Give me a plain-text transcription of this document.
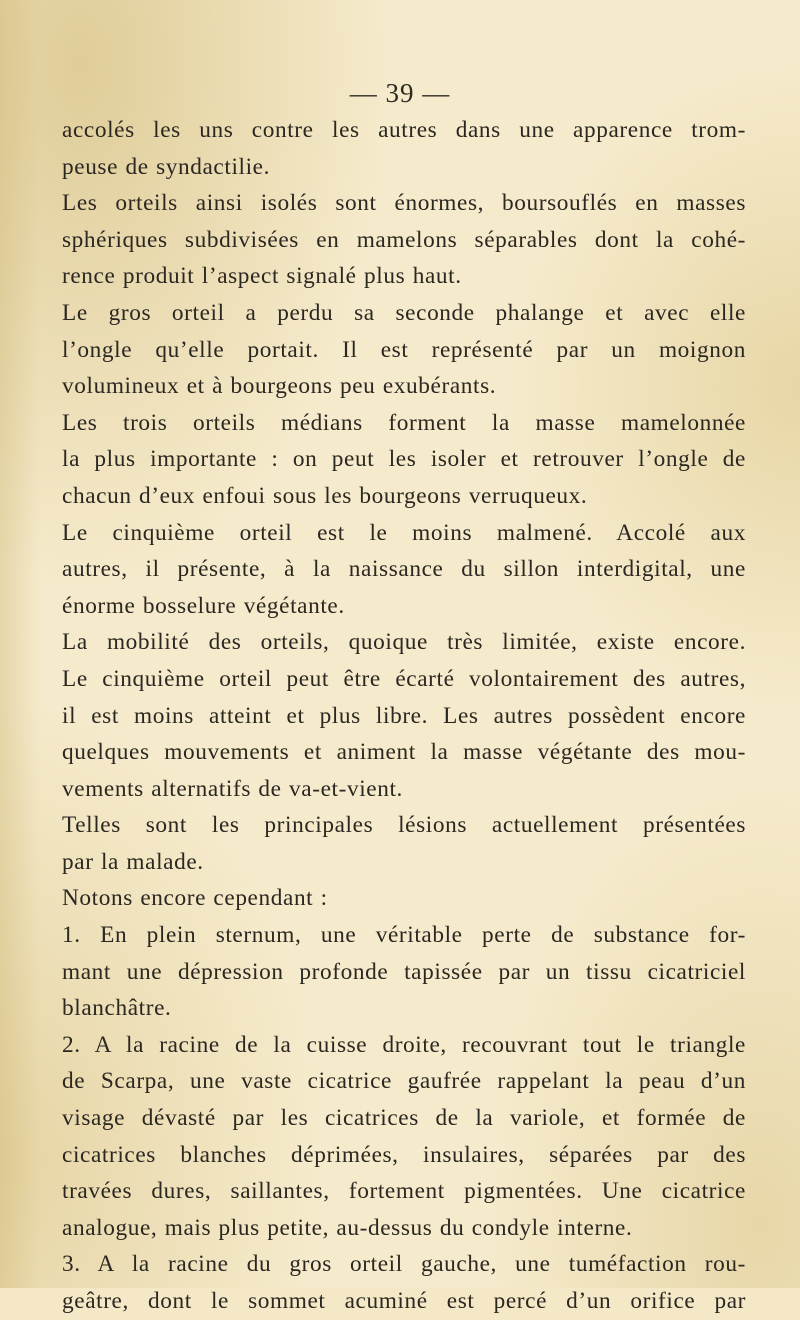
— 39 —
accolés les uns contre les autres dans une apparence trom-
peuse de syndactilie.
Les orteils ainsi isolés sont énormes, boursouflés en masses
sphériques subdivisées en mamelons séparables dont la cohé-
rence produit l’aspect signalé plus haut.
Le gros orteil a perdu sa seconde phalange et avec elle
l’ongle qu’elle portait. Il est représenté par un moignon
volumineux et à bourgeons peu exubérants.
Les trois orteils médians forment la masse mamelonnée
la plus importante : on peut les isoler et retrouver l’ongle de
chacun d’eux enfoui sous les bourgeons verruqueux.
Le cinquième orteil est le moins malmené. Accolé aux
autres, il présente, à la naissance du sillon interdigital, une
énorme bosselure végétante.
La mobilité des orteils, quoique très limitée, existe encore.
Le cinquième orteil peut être écarté volontairement des autres,
il est moins atteint et plus libre. Les autres possèdent encore
quelques mouvements et animent la masse végétante des mou-
vements alternatifs de va-et-vient.
Telles sont les principales lésions actuellement présentées
par la malade.
Notons encore cependant :
1. En plein sternum, une véritable perte de substance for-
mant une dépression profonde tapissée par un tissu cicatriciel
blanchâtre.
2. A la racine de la cuisse droite, recouvrant tout le triangle
de Scarpa, une vaste cicatrice gaufrée rappelant la peau d’un
visage dévasté par les cicatrices de la variole, et formée de
cicatrices blanches déprimées, insulaires, séparées par des
travées dures, saillantes, fortement pigmentées. Une cicatrice
analogue, mais plus petite, au-dessus du condyle interne.
3. A la racine du gros orteil gauche, une tuméfaction rou-
geâtre, dont le sommet acuminé est percé d’un orifice par
